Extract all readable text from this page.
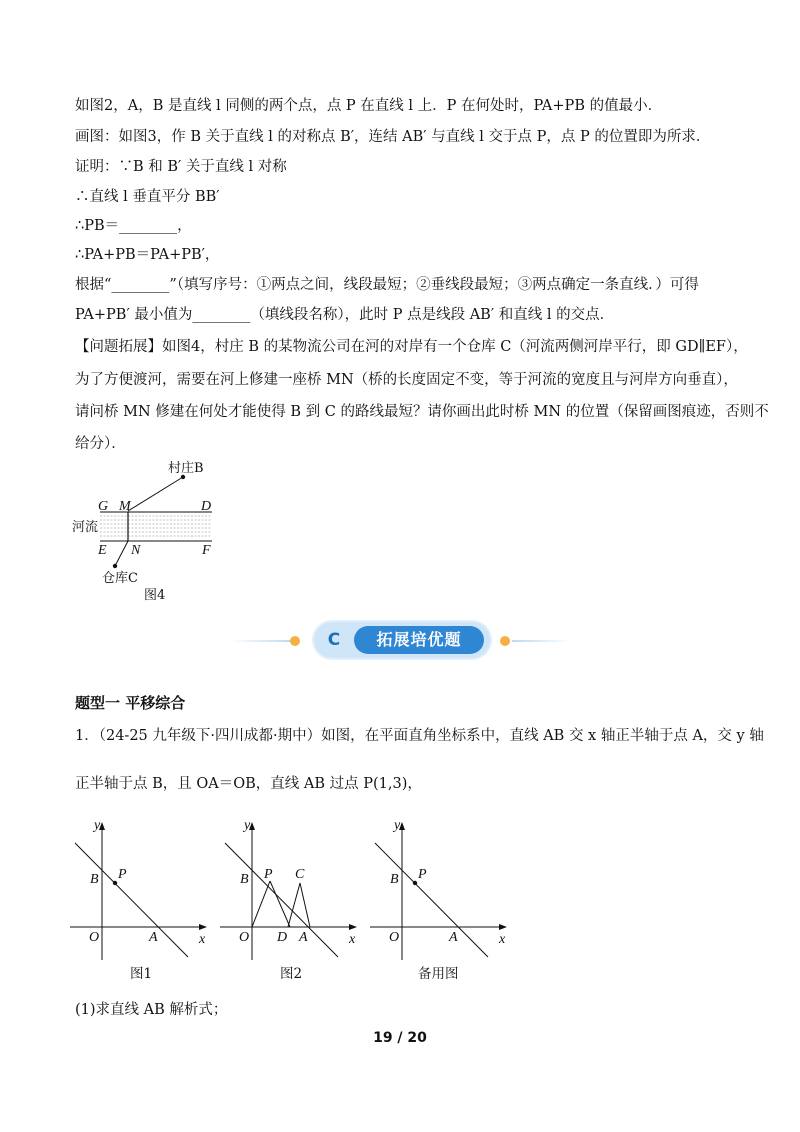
如图2，A，B 是直线 l 同侧的两个点，点 P 在直线 l 上．P 在何处时，PA+PB 的值最小．
画图：如图3，作 B 关于直线 l 的对称点 B′，连结 AB′ 与直线 l 交于点 P，点 P 的位置即为所求．
证明：∵B 和 B′ 关于直线 l 对称
∴直线 l 垂直平分 BB′
∴PB＝________，
∴PA+PB＝PA+PB′，
根据“________”（填写序号：①两点之间，线段最短；②垂线段最短；③两点确定一条直线．）可得
PA+PB′ 最小值为________（填线段名称），此时 P 点是线段 AB′ 和直线 l 的交点．
【问题拓展】如图4，村庄 B 的某物流公司在河的对岸有一个仓库 C（河流两侧河岸平行，即 GD∥EF），
为了方便渡河，需要在河上修建一座桥 MN（桥的长度固定不变，等于河流的宽度且与河岸方向垂直），
请问桥 MN 修建在何处才能使得 B 到 C 的路线最短？请你画出此时桥 MN 的位置（保留画图痕迹，否则不
给分）．
村庄B
G M	D
河流
E N	F
仓库C
图4
C	拓展培优题
题型一 平移综合
1．（24-25 九年级下·四川成都·期中）如图，在平面直角坐标系中，直线 AB 交 x 轴正半轴于点 A，交 y 轴
正半轴于点 B，且 OA＝OB，直线 AB 过点 P(1,3)，
y
x
O	A
B P
图1
y
x
O D A
B P C
图2
y
x
O	A
B P
备用图
(1)求直线 AB 解析式；
19 / 20
